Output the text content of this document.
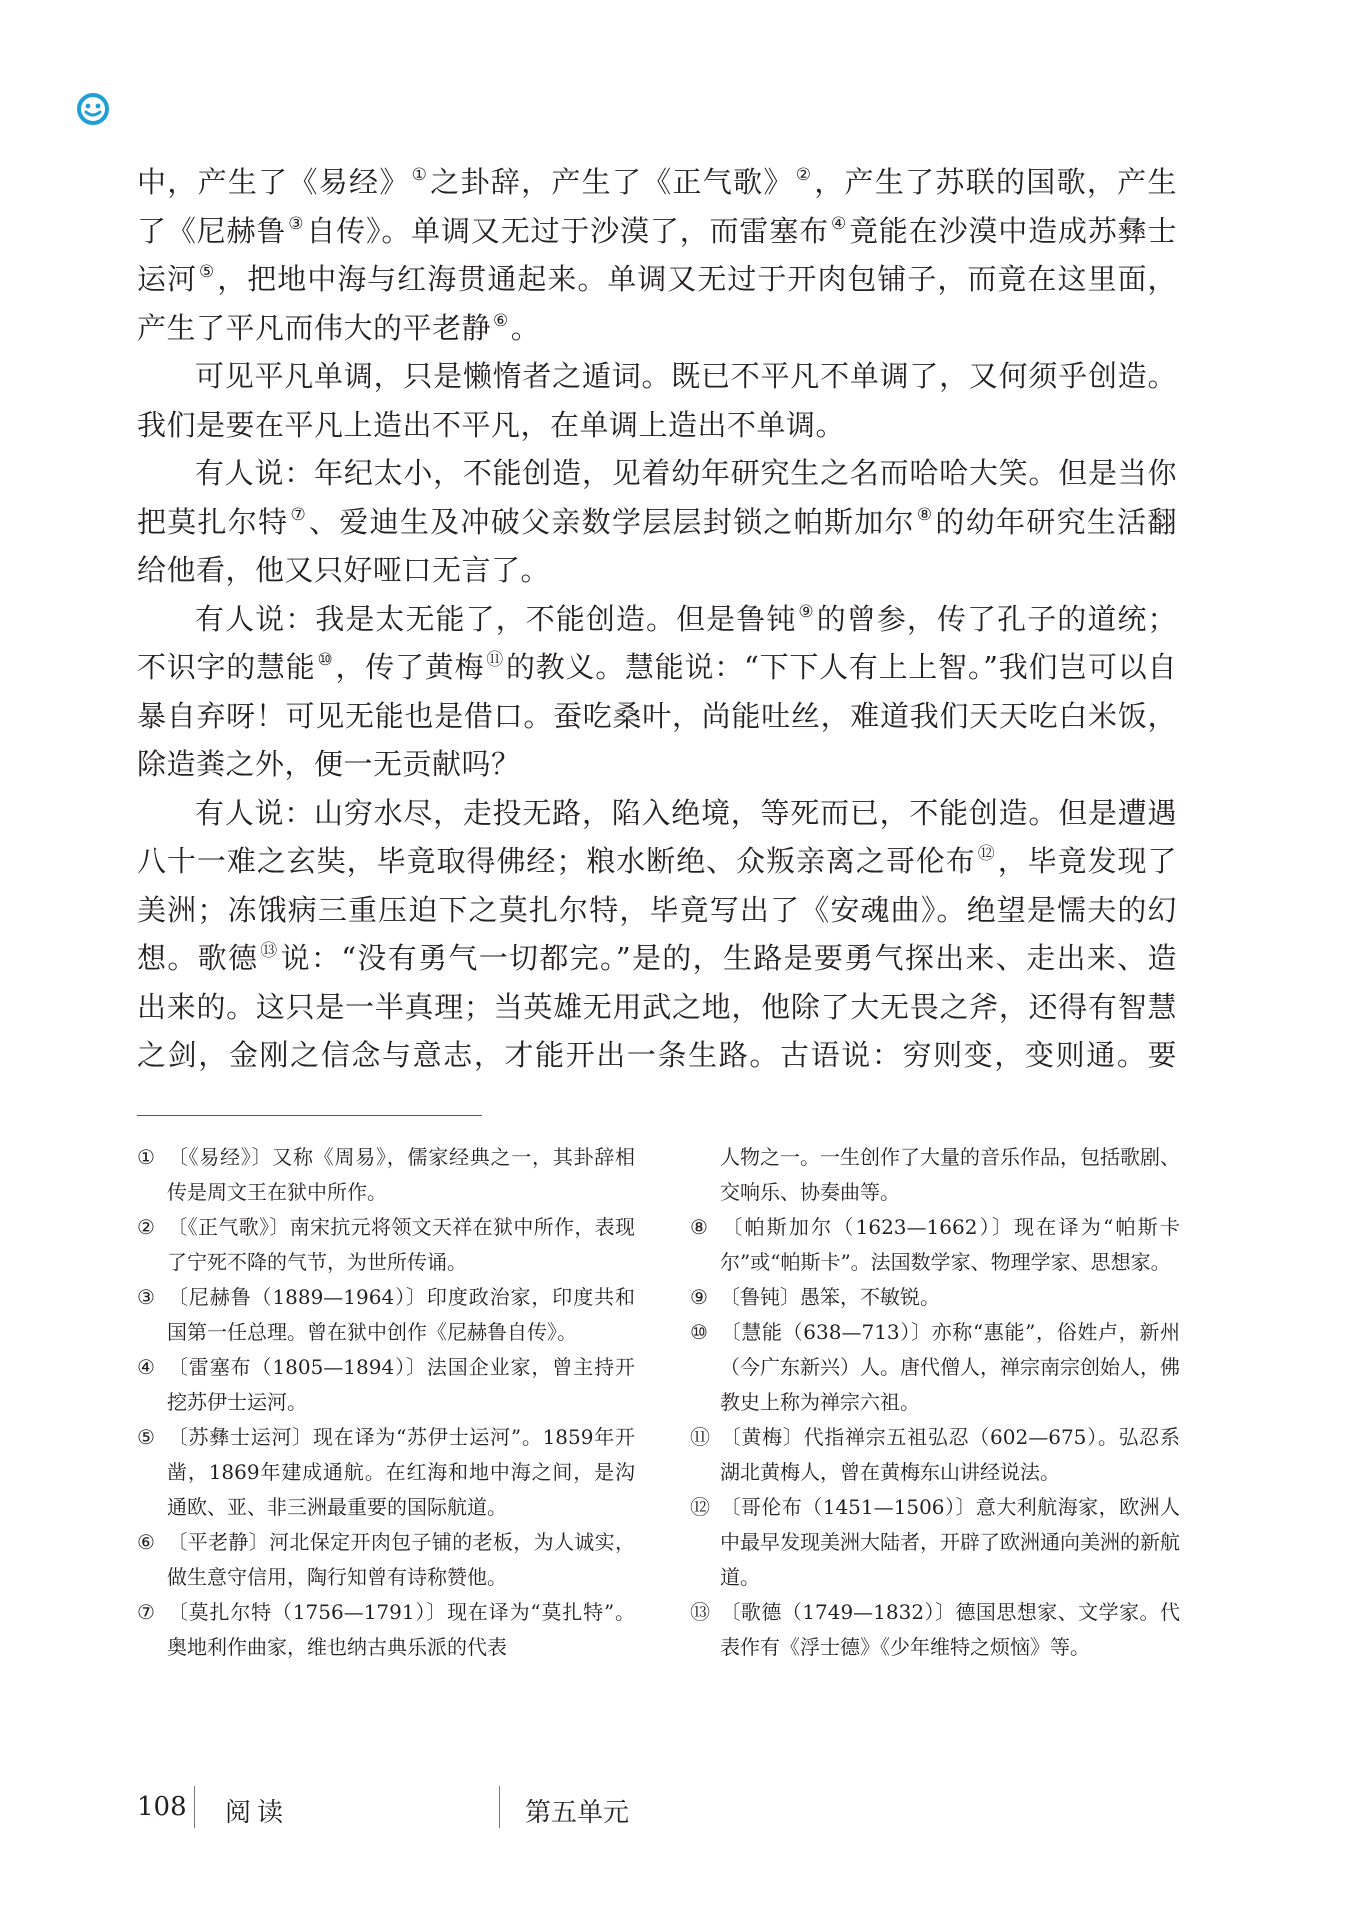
中，产生了《易经》 ①之卦辞，产生了《正气歌》 ②，产生了苏联的国歌，产生了《尼赫鲁 ③自传》。单调又无过于沙漠了，而雷塞布 ④竟能在沙漠中造成苏彝士运河 ⑤，把地中海与红海贯通起来。单调又无过于开肉包铺子，而竟在这里面，产生了平凡而伟大的平老静 ⑥。

可见平凡单调，只是懒惰者之遁词。既已不平凡不单调了，又何须乎创造。我们是要在平凡上造出不平凡，在单调上造出不单调。

有人说：年纪太小，不能创造，见着幼年研究生之名而哈哈大笑。但是当你把莫扎尔特 ⑦、爱迪生及冲破父亲数学层层封锁之帕斯加尔 ⑧的幼年研究生活翻给他看，他又只好哑口无言了。

有人说：我是太无能了，不能创造。但是鲁钝 ⑨的曾参，传了孔子的道统；不识字的慧能 ⑩，传了黄梅 ⑪的教义。慧能说：“下下人有上上智。”我们岂可以自暴自弃呀！可见无能也是借口。蚕吃桑叶，尚能吐丝，难道我们天天吃白米饭，除造粪之外，便一无贡献吗？

有人说：山穷水尽，走投无路，陷入绝境，等死而已，不能创造。但是遭遇八十一难之玄奘，毕竟取得佛经；粮水断绝、众叛亲离之哥伦布 ⑫，毕竟发现了美洲；冻饿病三重压迫下之莫扎尔特，毕竟写出了《安魂曲》。绝望是懦夫的幻想。歌德 ⑬说：“没有勇气一切都完。”是的，生路是要勇气探出来、走出来、造出来的。这只是一半真理；当英雄无用武之地，他除了大无畏之斧，还得有智慧之剑，金刚之信念与意志，才能开出一条生路。古语说：穷则变，变则通。要

① 〔《易经》〕又称《周易》，儒家经典之一，其卦辞相传是周文王在狱中所作。
② 〔《正气歌》〕南宋抗元将领文天祥在狱中所作，表现了宁死不降的气节，为世所传诵。
③ 〔尼赫鲁（1889—1964）〕印度政治家，印度共和国第一任总理。曾在狱中创作《尼赫鲁自传》。
④ 〔雷塞布（1805—1894）〕法国企业家，曾主持开挖苏伊士运河。
⑤ 〔苏彝士运河〕现在译为“苏伊士运河”。1859年开凿，1869年建成通航。在红海和地中海之间，是沟通欧、亚、非三洲最重要的国际航道。
⑥ 〔平老静〕河北保定开肉包子铺的老板，为人诚实，做生意守信用，陶行知曾有诗称赞他。
⑦ 〔莫扎尔特（1756—1791）〕现在译为“莫扎特”。奥地利作曲家，维也纳古典乐派的代表
人物之一。一生创作了大量的音乐作品，包括歌剧、交响乐、协奏曲等。
⑧ 〔帕斯加尔（1623—1662）〕现在译为“帕斯卡尔”或“帕斯卡”。法国数学家、物理学家、思想家。
⑨ 〔鲁钝〕愚笨，不敏锐。
⑩ 〔慧能（638—713）〕亦称“惠能”，俗姓卢，新州（今广东新兴）人。唐代僧人，禅宗南宗创始人，佛教史上称为禅宗六祖。
⑪ 〔黄梅〕代指禅宗五祖弘忍（602—675）。弘忍系湖北黄梅人，曾在黄梅东山讲经说法。
⑫ 〔哥伦布（1451—1506）〕意大利航海家，欧洲人中最早发现美洲大陆者，开辟了欧洲通向美洲的新航道。
⑬ 〔歌德（1749—1832）〕德国思想家、文学家。代表作有《浮士德》《少年维特之烦恼》等。
108 阅读	第五单元
